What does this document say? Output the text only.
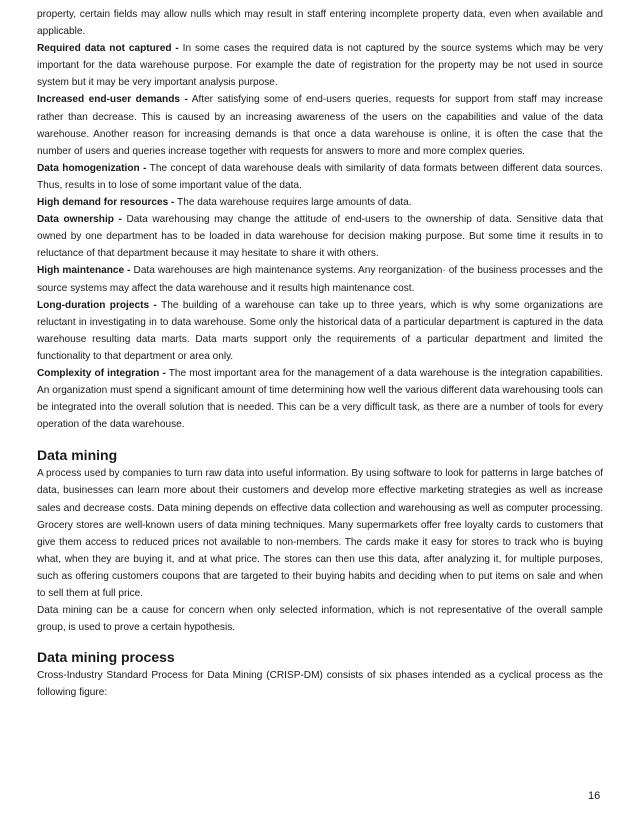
property, certain fields may allow nulls which may result in staff entering incomplete property data, even when available and applicable.

Required data not captured - In some cases the required data is not captured by the source systems which may be very important for the data warehouse purpose. For example the date of registration for the property may be not used in source system but it may be very important analysis purpose.

Increased end-user demands - After satisfying some of end-users queries, requests for support from staff may increase rather than decrease. This is caused by an increasing awareness of the users on the capabilities and value of the data warehouse. Another reason for increasing demands is that once a data warehouse is online, it is often the case that the number of users and queries increase together with requests for answers to more and more complex queries.

Data homogenization - The concept of data warehouse deals with similarity of data formats between different data sources. Thus, results in to lose of some important value of the data.

High demand for resources - The data warehouse requires large amounts of data.

Data ownership - Data warehousing may change the attitude of end-users to the ownership of data. Sensitive data that owned by one department has to be loaded in data warehouse for decision making purpose. But some time it results in to reluctance of that department because it may hesitate to share it with others.

High maintenance - Data warehouses are high maintenance systems. Any reorganization· of the business processes and the source systems may affect the data warehouse and it results high maintenance cost.

Long-duration projects - The building of a warehouse can take up to three years, which is why some organizations are reluctant in investigating in to data warehouse. Some only the historical data of a particular department is captured in the data warehouse resulting data marts. Data marts support only the requirements of a particular department and limited the functionality to that department or area only.

Complexity of integration - The most important area for the management of a data warehouse is the integration capabilities. An organization must spend a significant amount of time determining how well the various different data warehousing tools can be integrated into the overall solution that is needed. This can be a very difficult task, as there are a number of tools for every operation of the data warehouse.

Data mining

A process used by companies to turn raw data into useful information. By using software to look for patterns in large batches of data, businesses can learn more about their customers and develop more effective marketing strategies as well as increase sales and decrease costs. Data mining depends on effective data collection and warehousing as well as computer processing. Grocery stores are well-known users of data mining techniques. Many supermarkets offer free loyalty cards to customers that give them access to reduced prices not available to non-members. The cards make it easy for stores to track who is buying what, when they are buying it, and at what price. The stores can then use this data, after analyzing it, for multiple purposes, such as offering customers coupons that are targeted to their buying habits and deciding when to put items on sale and when to sell them at full price.

Data mining can be a cause for concern when only selected information, which is not representative of the overall sample group, is used to prove a certain hypothesis.

Data mining process

Cross-Industry Standard Process for Data Mining (CRISP-DM) consists of six phases intended as a cyclical process as the following figure:

16
